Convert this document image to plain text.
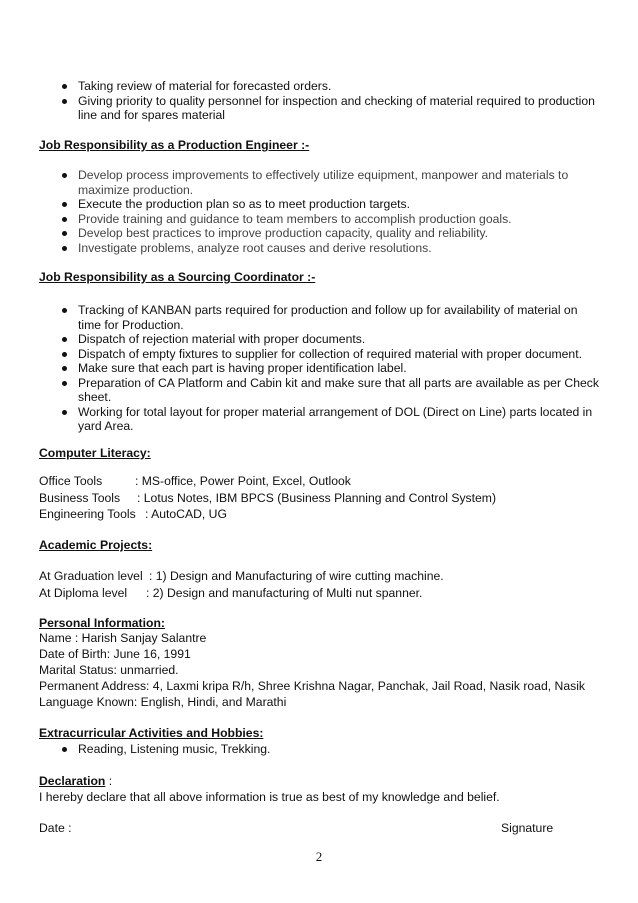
Taking review of material for forecasted orders.
Giving priority to quality personnel for inspection and checking of material required to production line and for spares material
Job Responsibility as a Production Engineer :-
Develop process improvements to effectively utilize equipment, manpower and materials to maximize production.
Execute the production plan so as to meet production targets.
Provide training and guidance to team members to accomplish production goals.
Develop best practices to improve production capacity, quality and reliability.
Investigate problems, analyze root causes and derive resolutions.
Job Responsibility as a Sourcing Coordinator :-
Tracking of KANBAN parts required for production and follow up for availability of material on time for Production.
Dispatch of rejection material with proper documents.
Dispatch of empty fixtures to supplier for collection of required material with proper document.
Make sure that each part is having proper identification label.
Preparation of CA Platform and Cabin kit and make sure that all parts are available as per Check sheet.
Working for total layout for proper material arrangement of DOL (Direct on Line) parts located in yard Area.
Computer Literacy:
Office Tools	: MS-office, Power Point, Excel, Outlook
Business Tools : Lotus Notes, IBM BPCS (Business Planning and Control System)
Engineering Tools : AutoCAD, UG
Academic Projects:
At Graduation level : 1) Design and Manufacturing of wire cutting machine.
At Diploma level : 2) Design and manufacturing of Multi nut spanner.
Personal Information:
Name : Harish Sanjay Salantre
Date of Birth: June 16, 1991
Marital Status: unmarried.
Permanent Address: 4, Laxmi kripa R/h, Shree Krishna Nagar, Panchak, Jail Road, Nasik road, Nasik
Language Known: English, Hindi, and Marathi
Extracurricular Activities and Hobbies:
Reading, Listening music, Trekking.
Declaration :
I hereby declare that all above information is true as best of my knowledge and belief.
Date :	Signature
2
